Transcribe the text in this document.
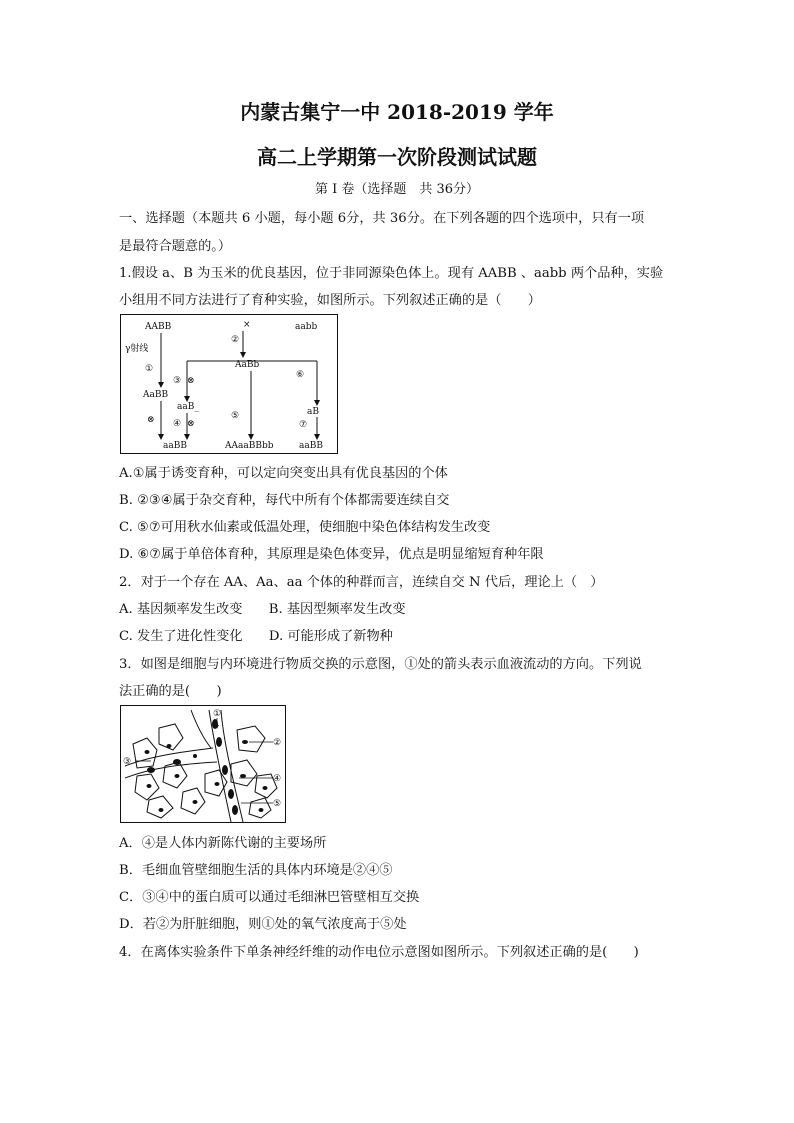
内蒙古集宁一中 2018-2019 学年
高二上学期第一次阶段测试试题
第 I 卷（选择题　共 36分）
一、选择题（本题共 6 小题，每小题 6分，共 36分。在下列各题的四个选项中，只有一项
是最符合题意的。）
1.假设 a、B 为玉米的优良基因，位于非同源染色体上。现有 AABB 、aabb 两个品种，实验
小组用不同方法进行了育种实验，如图所示。下列叙述正确的是（　　）
AABB	×	aabb
γ射线
②
AaBb
①
③ ⊗
⑥
AaBB
aaB_	aB
⑤
⊗ ④ ⊗	⑦
aaBB	AAaaBBbb	aaBB
A.①属于诱变育种，可以定向突变出具有优良基因的个体
B. ②③④属于杂交育种，每代中所有个体都需要连续自交
C. ⑤⑦可用秋水仙素或低温处理，使细胞中染色体结构发生改变
D. ⑥⑦属于单倍体育种，其原理是染色体变异，优点是明显缩短育种年限
2．对于一个存在 AA、Aa、aa 个体的种群而言，连续自交 N 代后，理论上（　）
A. 基因频率发生改变　　B. 基因型频率发生改变
C. 发生了进化性变化　　D. 可能形成了新物种
3．如图是细胞与内环境进行物质交换的示意图，①处的箭头表示血液流动的方向。下列说
法正确的是(　　)
①
②
③
④
⑤
A．④是人体内新陈代谢的主要场所
B．毛细血管壁细胞生活的具体内环境是②④⑤
C．③④中的蛋白质可以通过毛细淋巴管壁相互交换
D．若②为肝脏细胞，则①处的氧气浓度高于⑤处
4．在离体实验条件下单条神经纤维的动作电位示意图如图所示。下列叙述正确的是(　　)
